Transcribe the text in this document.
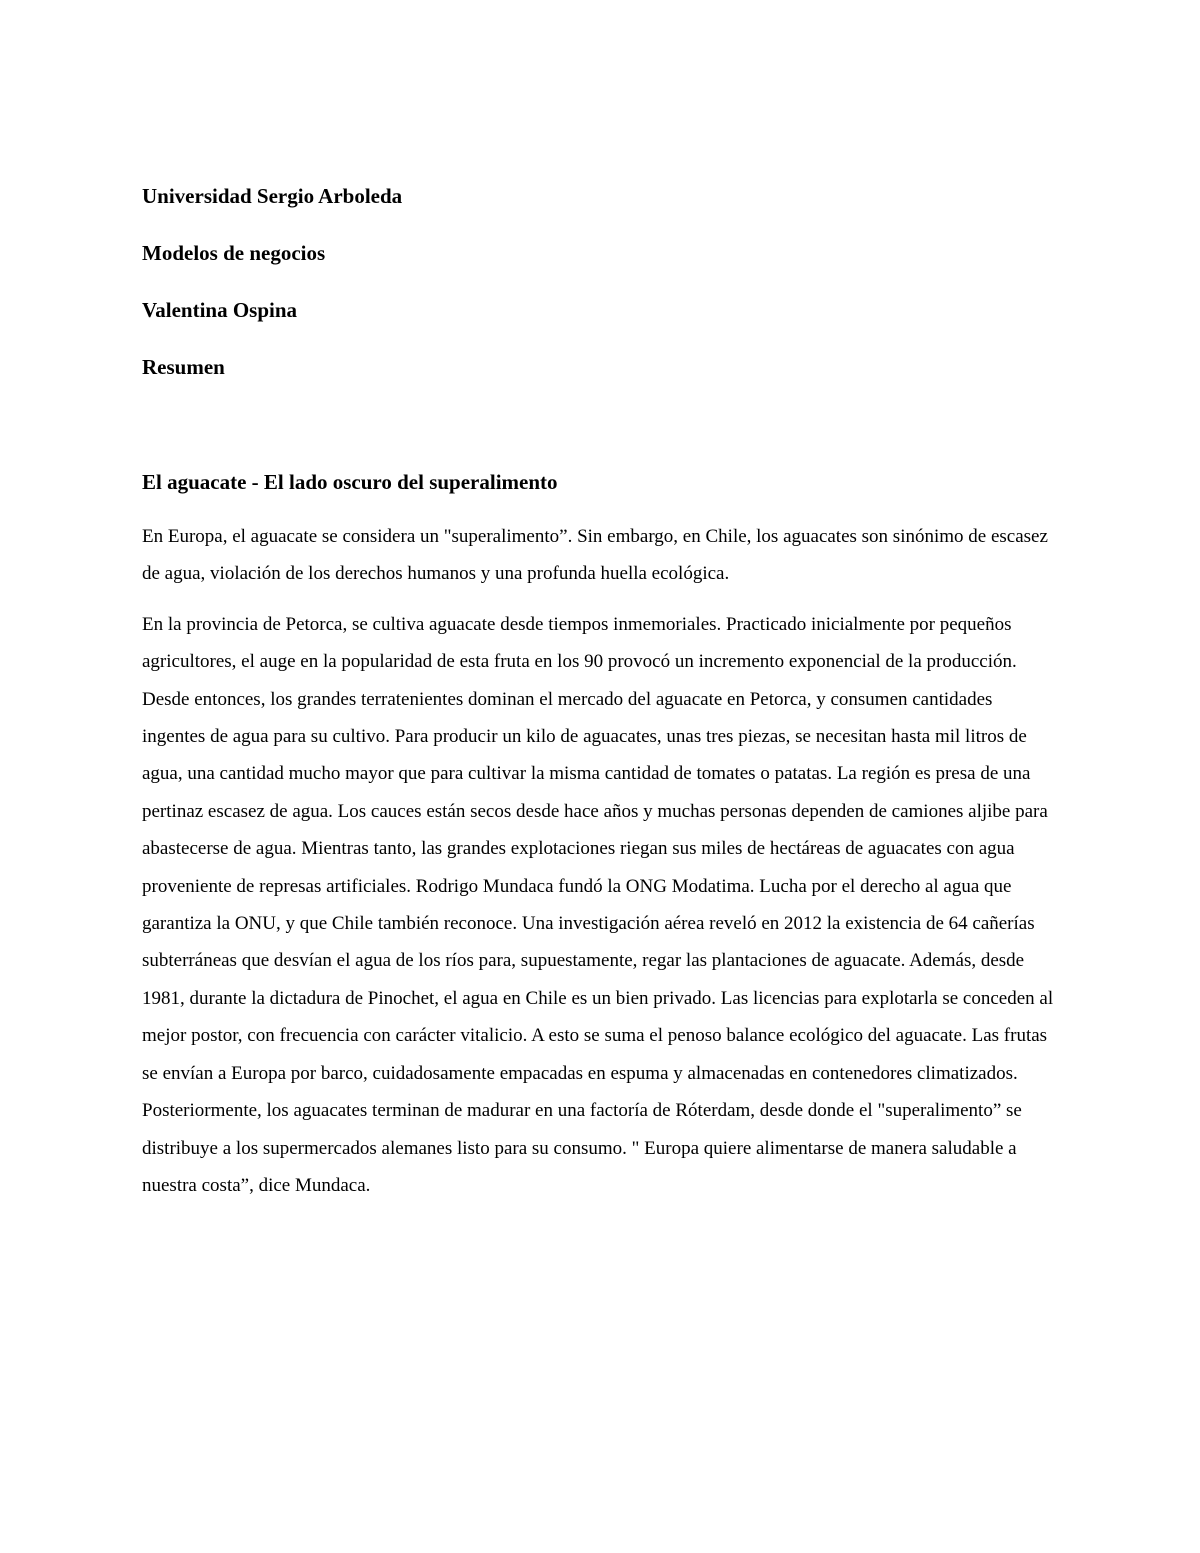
Universidad Sergio Arboleda

Modelos de negocios

Valentina Ospina

Resumen

El aguacate - El lado oscuro del superalimento

En Europa, el aguacate se considera un "superalimento”. Sin embargo, en Chile, los aguacates son sinónimo de escasez de agua, violación de los derechos humanos y una profunda huella ecológica.

En la provincia de Petorca, se cultiva aguacate desde tiempos inmemoriales. Practicado inicialmente por pequeños agricultores, el auge en la popularidad de esta fruta en los 90 provocó un incremento exponencial de la producción. Desde entonces, los grandes terratenientes dominan el mercado del aguacate en Petorca, y consumen cantidades ingentes de agua para su cultivo. Para producir un kilo de aguacates, unas tres piezas, se necesitan hasta mil litros de agua, una cantidad mucho mayor que para cultivar la misma cantidad de tomates o patatas. La región es presa de una pertinaz escasez de agua. Los cauces están secos desde hace años y muchas personas dependen de camiones aljibe para abastecerse de agua. Mientras tanto, las grandes explotaciones riegan sus miles de hectáreas de aguacates con agua proveniente de represas artificiales. Rodrigo Mundaca fundó la ONG Modatima. Lucha por el derecho al agua que garantiza la ONU, y que Chile también reconoce. Una investigación aérea reveló en 2012 la existencia de 64 cañerías subterráneas que desvían el agua de los ríos para, supuestamente, regar las plantaciones de aguacate. Además, desde 1981, durante la dictadura de Pinochet, el agua en Chile es un bien privado. Las licencias para explotarla se conceden al mejor postor, con frecuencia con carácter vitalicio. A esto se suma el penoso balance ecológico del aguacate. Las frutas se envían a Europa por barco, cuidadosamente empacadas en espuma y almacenadas en contenedores climatizados. Posteriormente, los aguacates terminan de madurar en una factoría de Róterdam, desde donde el "superalimento” se distribuye a los supermercados alemanes listo para su consumo. " Europa quiere alimentarse de manera saludable a nuestra costa”, dice Mundaca.
